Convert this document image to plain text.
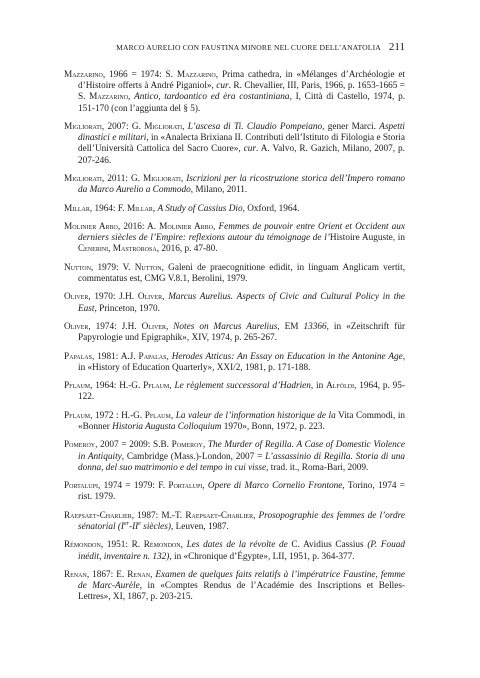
MARCO AURELIO CON FAUSTINA MINORE NEL CUORE DELL’ANATOLIA 211

Mazzarino, 1966 = 1974: S. Mazzarino, Prima cathedra, in «Mélanges d’Archéologie et d’Histoire offerts à André Piganiol», cur. R. Chevallier, III, Paris, 1966, p. 1653-1665 = S. Mazzarino, Antico, tardoantico ed èra costantiniana, I, Città di Castello, 1974, p. 151-170 (con l’aggiunta del § 5).

Migliorati, 2007: G. Migliorati, L’ascesa di Ti. Claudio Pompeiano, gener Marci. Aspetti dinastici e militari, in «Analecta Brixiana II. Contributi dell’Istituto di Filologia e Storia dell’Università Cattolica del Sacro Cuore», cur. A. Valvo, R. Gazich, Milano, 2007, p. 207-246.

Migliorati, 2011: G. Migliorati, Iscrizioni per la ricostruzione storica dell’Impero romano da Marco Aurelio a Commodo, Milano, 2011.

Millar, 1964: F. Millar, A Study of Cassius Dio, Oxford, 1964.

Molinier Arbo, 2016: A. Molinier Arbo, Femmes de pouvoir entre Orient et Occident aux derniers siècles de l’Empire: reflexions autour du témoignage de l’Histoire Auguste, in Cenerini, Mastrorosa, 2016, p. 47-80.

Nutton, 1979: V. Nutton, Galeni de praecognitione edidit, in linguam Anglicam vertit, commentatus est, CMG V.8.1, Berolini, 1979.

Oliver, 1970: J.H. Oliver, Marcus Aurelius. Aspects of Civic and Cultural Policy in the East, Princeton, 1970.

Oliver, 1974: J.H. Oliver, Notes on Marcus Aurelius, EM 13366, in «Zeitschrift für Papyrologie und Epigraphik», XIV, 1974, p. 265-267.

Papalas, 1981: A.J. Papalas, Herodes Atticus: An Essay on Education in the Antonine Age, in «History of Education Quarterly», XXI/2, 1981, p. 171-188.

Pflaum, 1964: H.-G. Pflaum, Le règlement successoral d’Hadrien, in Alföldi, 1964, p. 95-122.

Pflaum, 1972 : H.-G. Pflaum, La valeur de l’information historique de la Vita Commodi, in «Bonner Historia Augusta Colloquium 1970», Bonn, 1972, p. 223.

Pomeroy, 2007 = 2009: S.B. Pomeroy, The Murder of Regilla. A Case of Domestic Violence in Antiquity, Cambridge (Mass.)-London, 2007 = L’assassinio di Regilla. Storia di una donna, del suo matrimonio e del tempo in cui visse, trad. it., Roma-Bari, 2009.

Portalupi, 1974 = 1979: F. Portalupi, Opere di Marco Cornelio Frontone, Torino, 1974 = rist. 1979.

Raepsaet-Charlier, 1987: M.-T. Raepsaet-Charlier, Prosopographie des femmes de l’ordre sénatorial (Ier-IIe siècles), Leuven, 1987.

Rémondon, 1951: R. Rémondon, Les dates de la révolte de C. Avidius Cassius (P. Fouad inédit, inventaire n. 132), in «Chronique d’Égypte», LII, 1951, p. 364-377.

Renan, 1867: E. Renan, Examen de quelques faits relatifs à l’impératrice Faustine, femme de Marc-Aurèle, in «Comptes Rendus de l’Académie des Inscriptions et Belles-Lettres», XI, 1867, p. 203-215.
